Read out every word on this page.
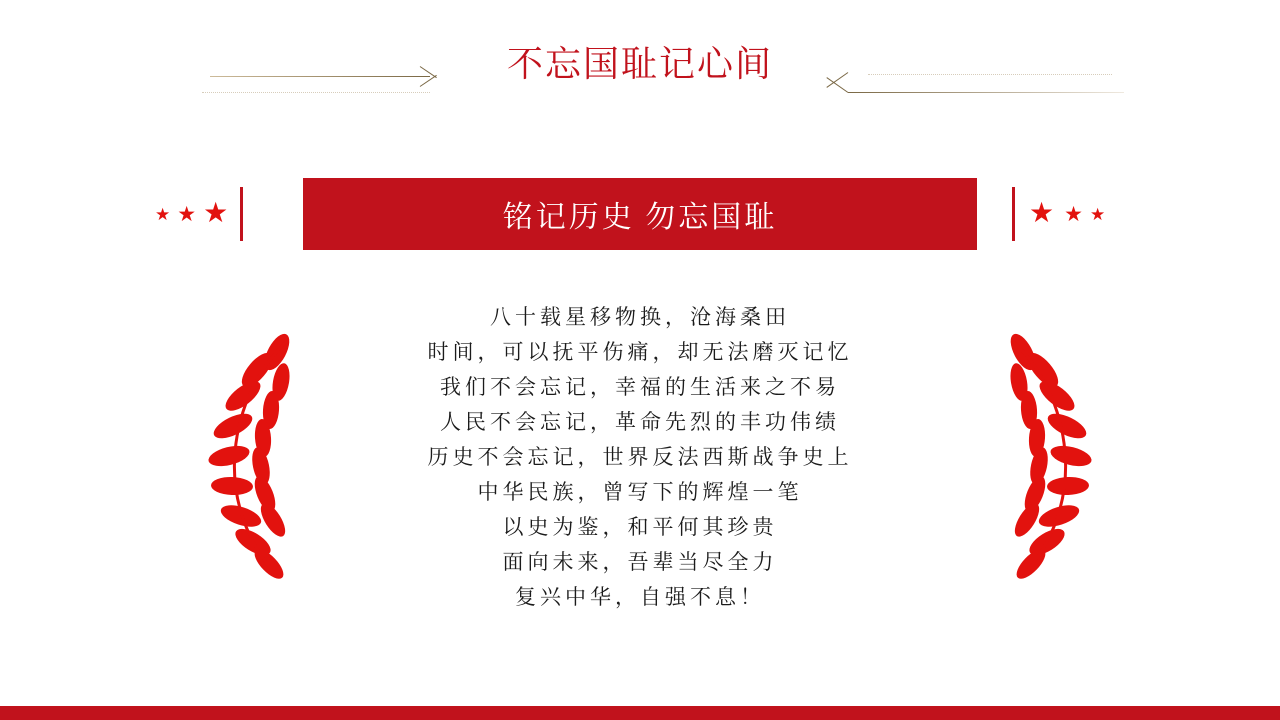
不忘国耻记心间
★ ★ ★	铭记历史 勿忘国耻	★ ★ ★
八十载星移物换，沧海桑田
时间，可以抚平伤痛，却无法磨灭记忆
我们不会忘记，幸福的生活来之不易
人民不会忘记，革命先烈的丰功伟绩
历史不会忘记，世界反法西斯战争史上
中华民族，曾写下的辉煌一笔
以史为鉴，和平何其珍贵
面向未来，吾辈当尽全力
复兴中华，自强不息！
